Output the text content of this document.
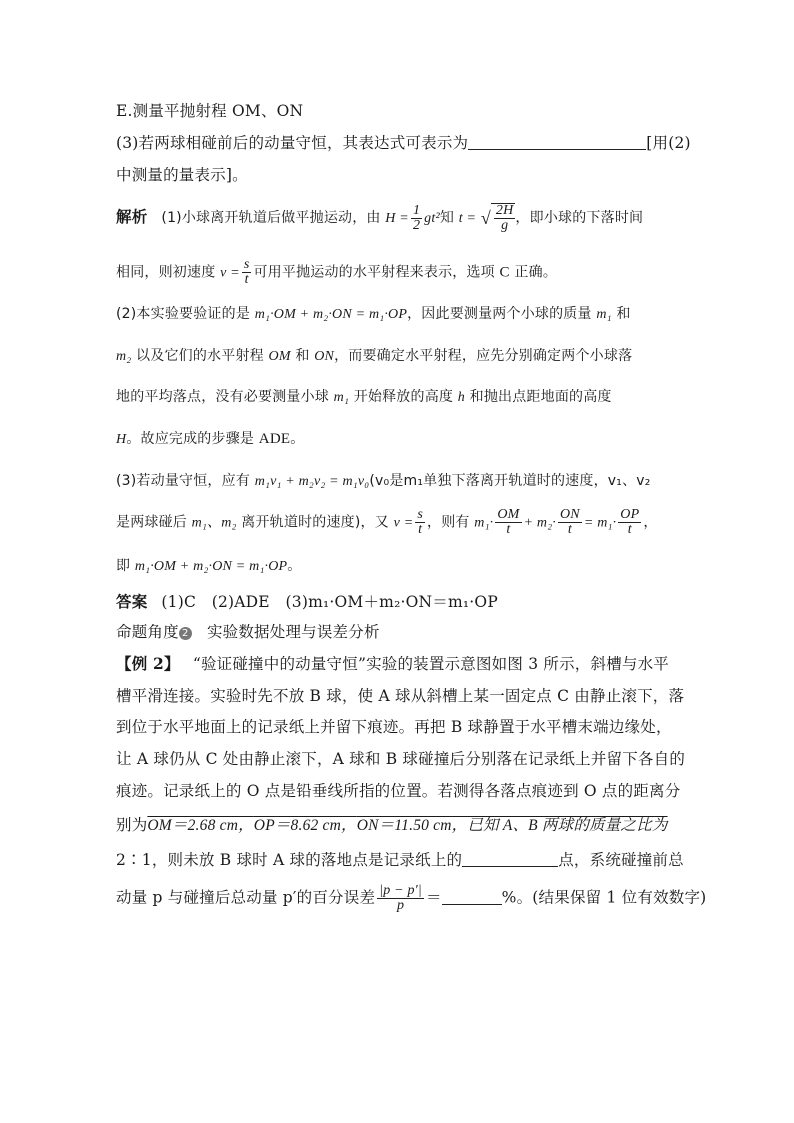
E.测量平抛射程 OM、ON
(3)若两球相碰前后的动量守恒，其表达式可表示为	[用(2)
中测量的量表示]。
解析 (1)小球离开轨道后做平抛运动，由 $H = \frac{1}{2} gt^2$知 t = √ $\frac{2H}{g}$ ，即小球的下落时间
相同，则初速度 $v = \frac{s}{t}$ 可用平抛运动的水平射程来表示，选项 C 正确。
(2)本实验要验证的是 m₁·OM + m₂·ON = m₁·OP，因此要测量两个小球的质量 m₁ 和
m₂ 以及它们的水平射程 OM 和 ON，而要确定水平射程，应先分别确定两个小球落
地的平均落点，没有必要测量小球 m₁ 开始释放的高度 h 和抛出点距地面的高度
H。故应完成的步骤是 ADE。
(3)若动量守恒，应有 m₁v₁ + m₂v₂ = m₁v₀(v₀是m₁单独下落离开轨道时的速度，v₁、v₂
是两球碰后 m₁、m₂ 离开轨道时的速度)，又 $v = \frac{s}{t}$ ，则有 $m_1\cdot \frac{OM}{t} + m_2\cdot \frac{ON}{t} = m_1\cdot \frac{OP}{t}$ ，
即 m₁·OM + m₂·ON = m₁·OP。
答案 (1)C　(2)ADE　(3)m₁·OM＋m₂·ON＝m₁·OP
命题角度 2 实验数据处理与误差分析
【例 2】 “验证碰撞中的动量守恒”实验的装置示意图如图 3 所示，斜槽与水平
槽平滑连接。实验时先不放 B 球，使 A 球从斜槽上某一固定点 C 由静止滚下，落
到位于水平地面上的记录纸上并留下痕迹。再把 B 球静置于水平槽末端边缘处，
让 A 球仍从 C 处由静止滚下，A 球和 B 球碰撞后分别落在记录纸上并留下各自的
痕迹。记录纸上的 O 点是铅垂线所指的位置。若测得各落点痕迹到 O 点的距离分
别为OM＝2.68 cm，OP＝8.62 cm，ON＝11.50 cm，已知 A、B 两球的质量之比为
2∶1，则未放 B 球时 A 球的落地点是记录纸上的	点，系统碰撞前总
动量 p 与碰撞后总动量 p′的百分误差 $\frac{|p - p'|}{p}$ ＝	%。(结果保留 1 位有效数字)
